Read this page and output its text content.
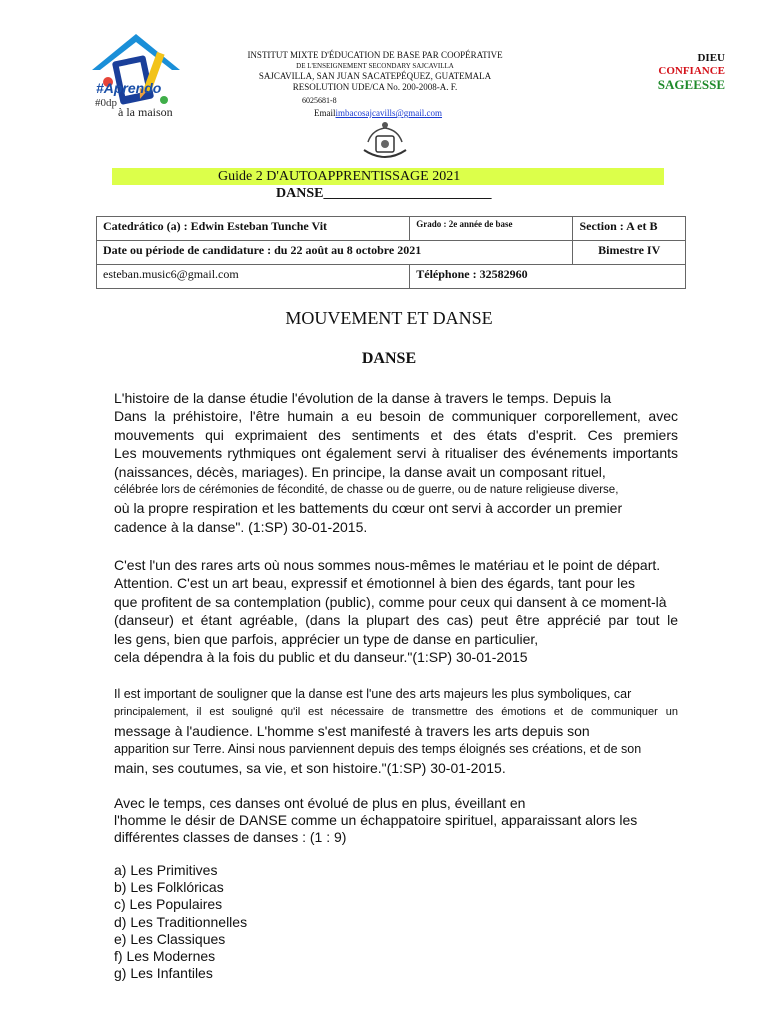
#Aprendo
#0dp
à la maison
INSTITUT MIXTE D'ÉDUCATION DE BASE PAR COOPÉRATIVE
DE L'ENSEIGNEMENT SECONDARY SAJCAVILLA
SAJCAVILLA, SAN JUAN SACATEPÉQUEZ, GUATEMALA
RESOLUTION UDE/CA No. 200-2008-A. F.
6025681-8
Emailimbacosajcavills@gmail.com
DIEU
CONFIANCE
SAGEESSE
Guide 2 D'AUTOAPPRENTISSAGE 2021
DANSE________________________
Catedrático (a) : Edwin Esteban Tunche Vit	Grado : 2e année de base	Section : A et B
Date ou période de candidature : du 22 août au 8 octobre 2021		Bimestre IV
esteban.music6@gmail.com	Téléphone : 32582960	
MOUVEMENT ET DANSE
DANSE
L'histoire de la danse étudie l'évolution de la danse à travers le temps. Depuis la
Dans la préhistoire, l'être humain a eu besoin de communiquer corporellement, avec
mouvements qui exprimaient des sentiments et des états d'esprit. Ces premiers
Les mouvements rythmiques ont également servi à ritualiser des événements importants
(naissances, décès, mariages). En principe, la danse avait un composant rituel,
célébrée lors de cérémonies de fécondité, de chasse ou de guerre, ou de nature religieuse diverse,
où la propre respiration et les battements du cœur ont servi à accorder un premier
cadence à la danse". (1:SP) 30-01-2015.
C'est l'un des rares arts où nous sommes nous-mêmes le matériau et le point de départ.
Attention. C'est un art beau, expressif et émotionnel à bien des égards, tant pour les
que profitent de sa contemplation (public), comme pour ceux qui dansent à ce moment-là
(danseur) et étant agréable, (dans la plupart des cas) peut être apprécié par tout le
les gens, bien que parfois, apprécier un type de danse en particulier,
cela dépendra à la fois du public et du danseur."(1:SP) 30-01-2015
Il est important de souligner que la danse est l'une des arts majeurs les plus symboliques, car
principalement, il est souligné qu'il est nécessaire de transmettre des émotions et de communiquer un
message à l'audience. L'homme s'est manifesté à travers les arts depuis son
apparition sur Terre. Ainsi nous parviennent depuis des temps éloignés ses créations, et de son
main, ses coutumes, sa vie, et son histoire."(1:SP) 30-01-2015.
Avec le temps, ces danses ont évolué de plus en plus, éveillant en
l'homme le désir de DANSE comme un échappatoire spirituel, apparaissant alors les
différentes classes de danses : (1 : 9)
a) Les Primitives
b) Les Folklóricas
c) Les Populaires
d) Les Traditionnelles
e) Les Classiques
f) Les Modernes
g) Les Infantiles
